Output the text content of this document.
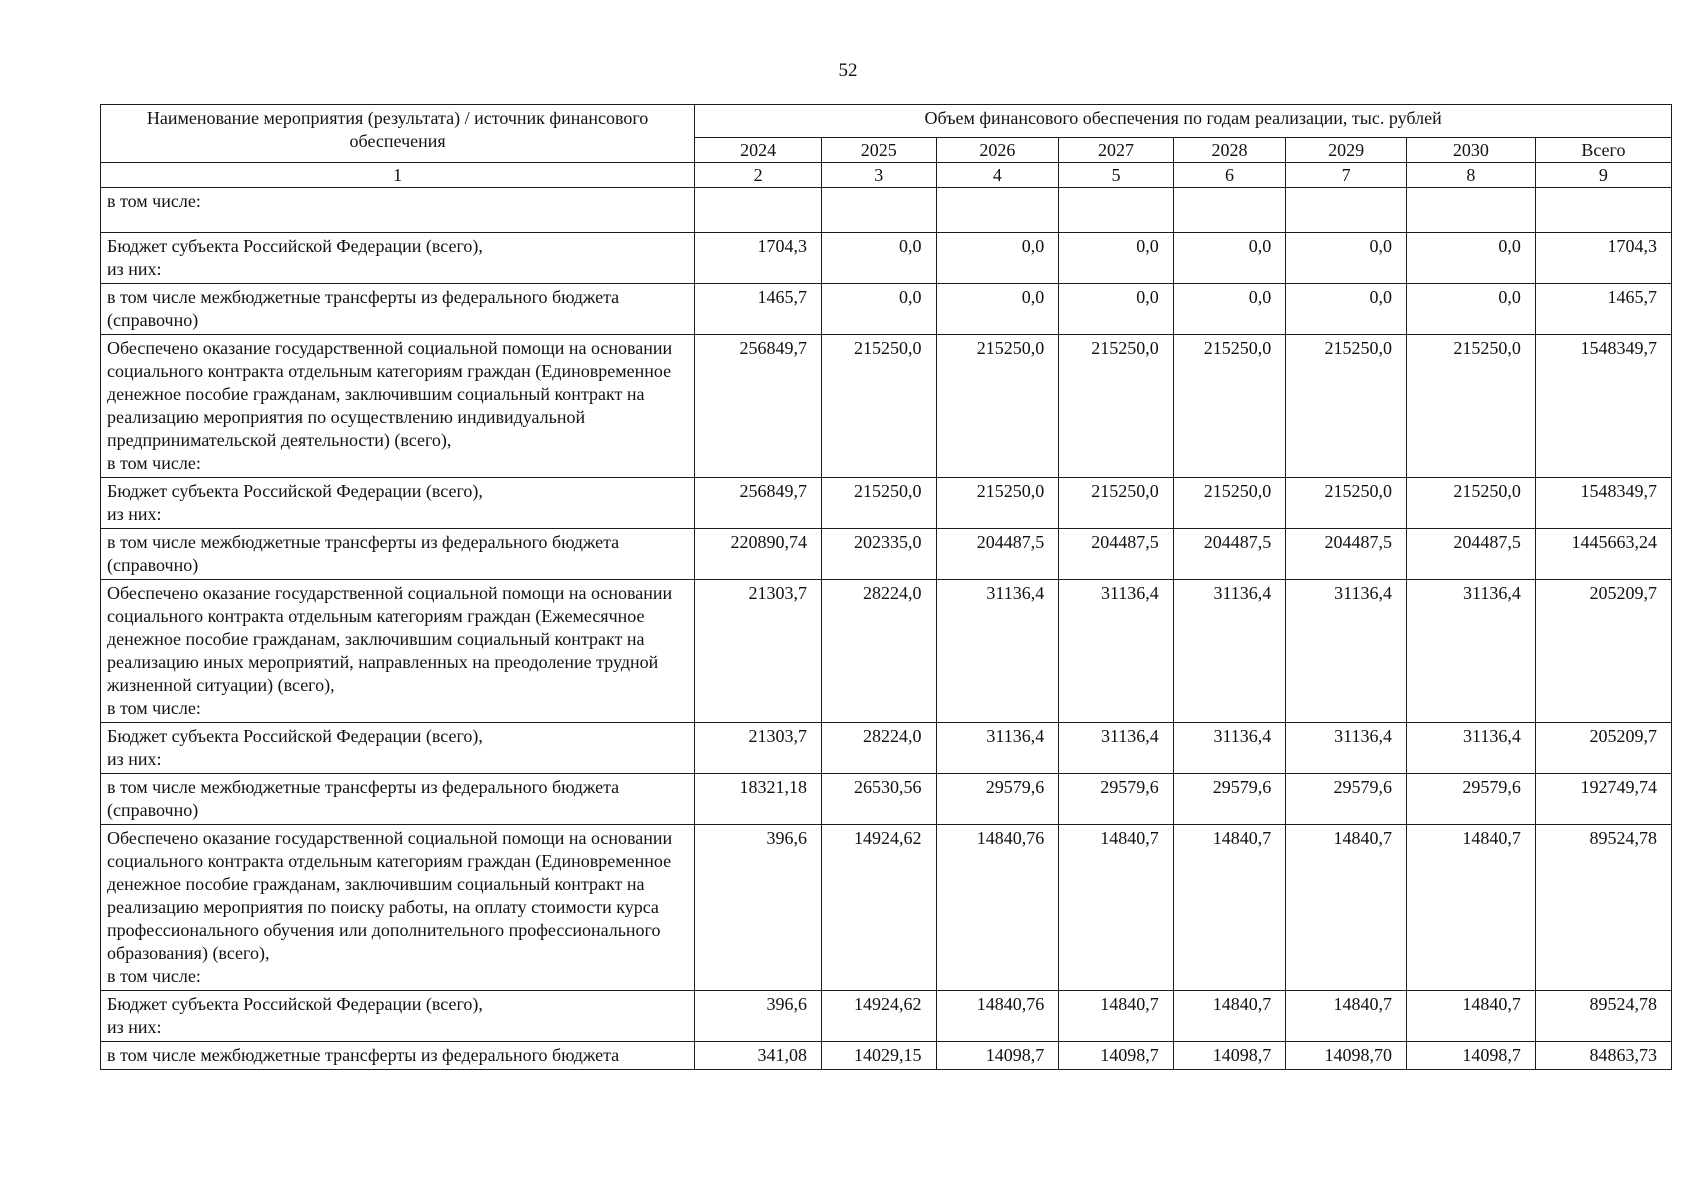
52
Наименование мероприятия (результата) / источник финансового обеспечения	Объем финансового обеспечения по годам реализации, тыс. рублей							
	2024	2025	2026	2027	2028	2029	2030	Всего
1	2	3	4	5	6	7	8	9
в том числе:								
Бюджет субъекта Российской Федерации (всего),
из них:	1704,3	0,0	0,0	0,0	0,0	0,0	0,0	1704,3
в том числе межбюджетные трансферты из федерального бюджета (справочно)	1465,7	0,0	0,0	0,0	0,0	0,0	0,0	1465,7
Обеспечено оказание государственной социальной помощи на основании социального контракта отдельным категориям граждан (Единовременное денежное пособие гражданам, заключившим социальный контракт на реализацию мероприятия по осуществлению индивидуальной предпринимательской деятельности) (всего),
в том числе:	256849,7	215250,0	215250,0	215250,0	215250,0	215250,0	215250,0	1548349,7
Бюджет субъекта Российской Федерации (всего),
из них:	256849,7	215250,0	215250,0	215250,0	215250,0	215250,0	215250,0	1548349,7
в том числе межбюджетные трансферты из федерального бюджета (справочно)	220890,74	202335,0	204487,5	204487,5	204487,5	204487,5	204487,5	1445663,24
Обеспечено оказание государственной социальной помощи на основании социального контракта отдельным категориям граждан (Ежемесячное денежное пособие гражданам, заключившим социальный контракт на реализацию иных мероприятий, направленных на преодоление трудной жизненной ситуации) (всего),
в том числе:	21303,7	28224,0	31136,4	31136,4	31136,4	31136,4	31136,4	205209,7
Бюджет субъекта Российской Федерации (всего),
из них:	21303,7	28224,0	31136,4	31136,4	31136,4	31136,4	31136,4	205209,7
в том числе межбюджетные трансферты из федерального бюджета (справочно)	18321,18	26530,56	29579,6	29579,6	29579,6	29579,6	29579,6	192749,74
Обеспечено оказание государственной социальной помощи на основании социального контракта отдельным категориям граждан (Единовременное денежное пособие гражданам, заключившим социальный контракт на реализацию мероприятия по поиску работы, на оплату стоимости курса профессионального обучения или дополнительного профессионального образования) (всего),
в том числе:	396,6	14924,62	14840,76	14840,7	14840,7	14840,7	14840,7	89524,78
Бюджет субъекта Российской Федерации (всего),
из них:	396,6	14924,62	14840,76	14840,7	14840,7	14840,7	14840,7	89524,78
в том числе межбюджетные трансферты из федерального бюджета	341,08	14029,15	14098,7	14098,7	14098,7	14098,70	14098,7	84863,73
